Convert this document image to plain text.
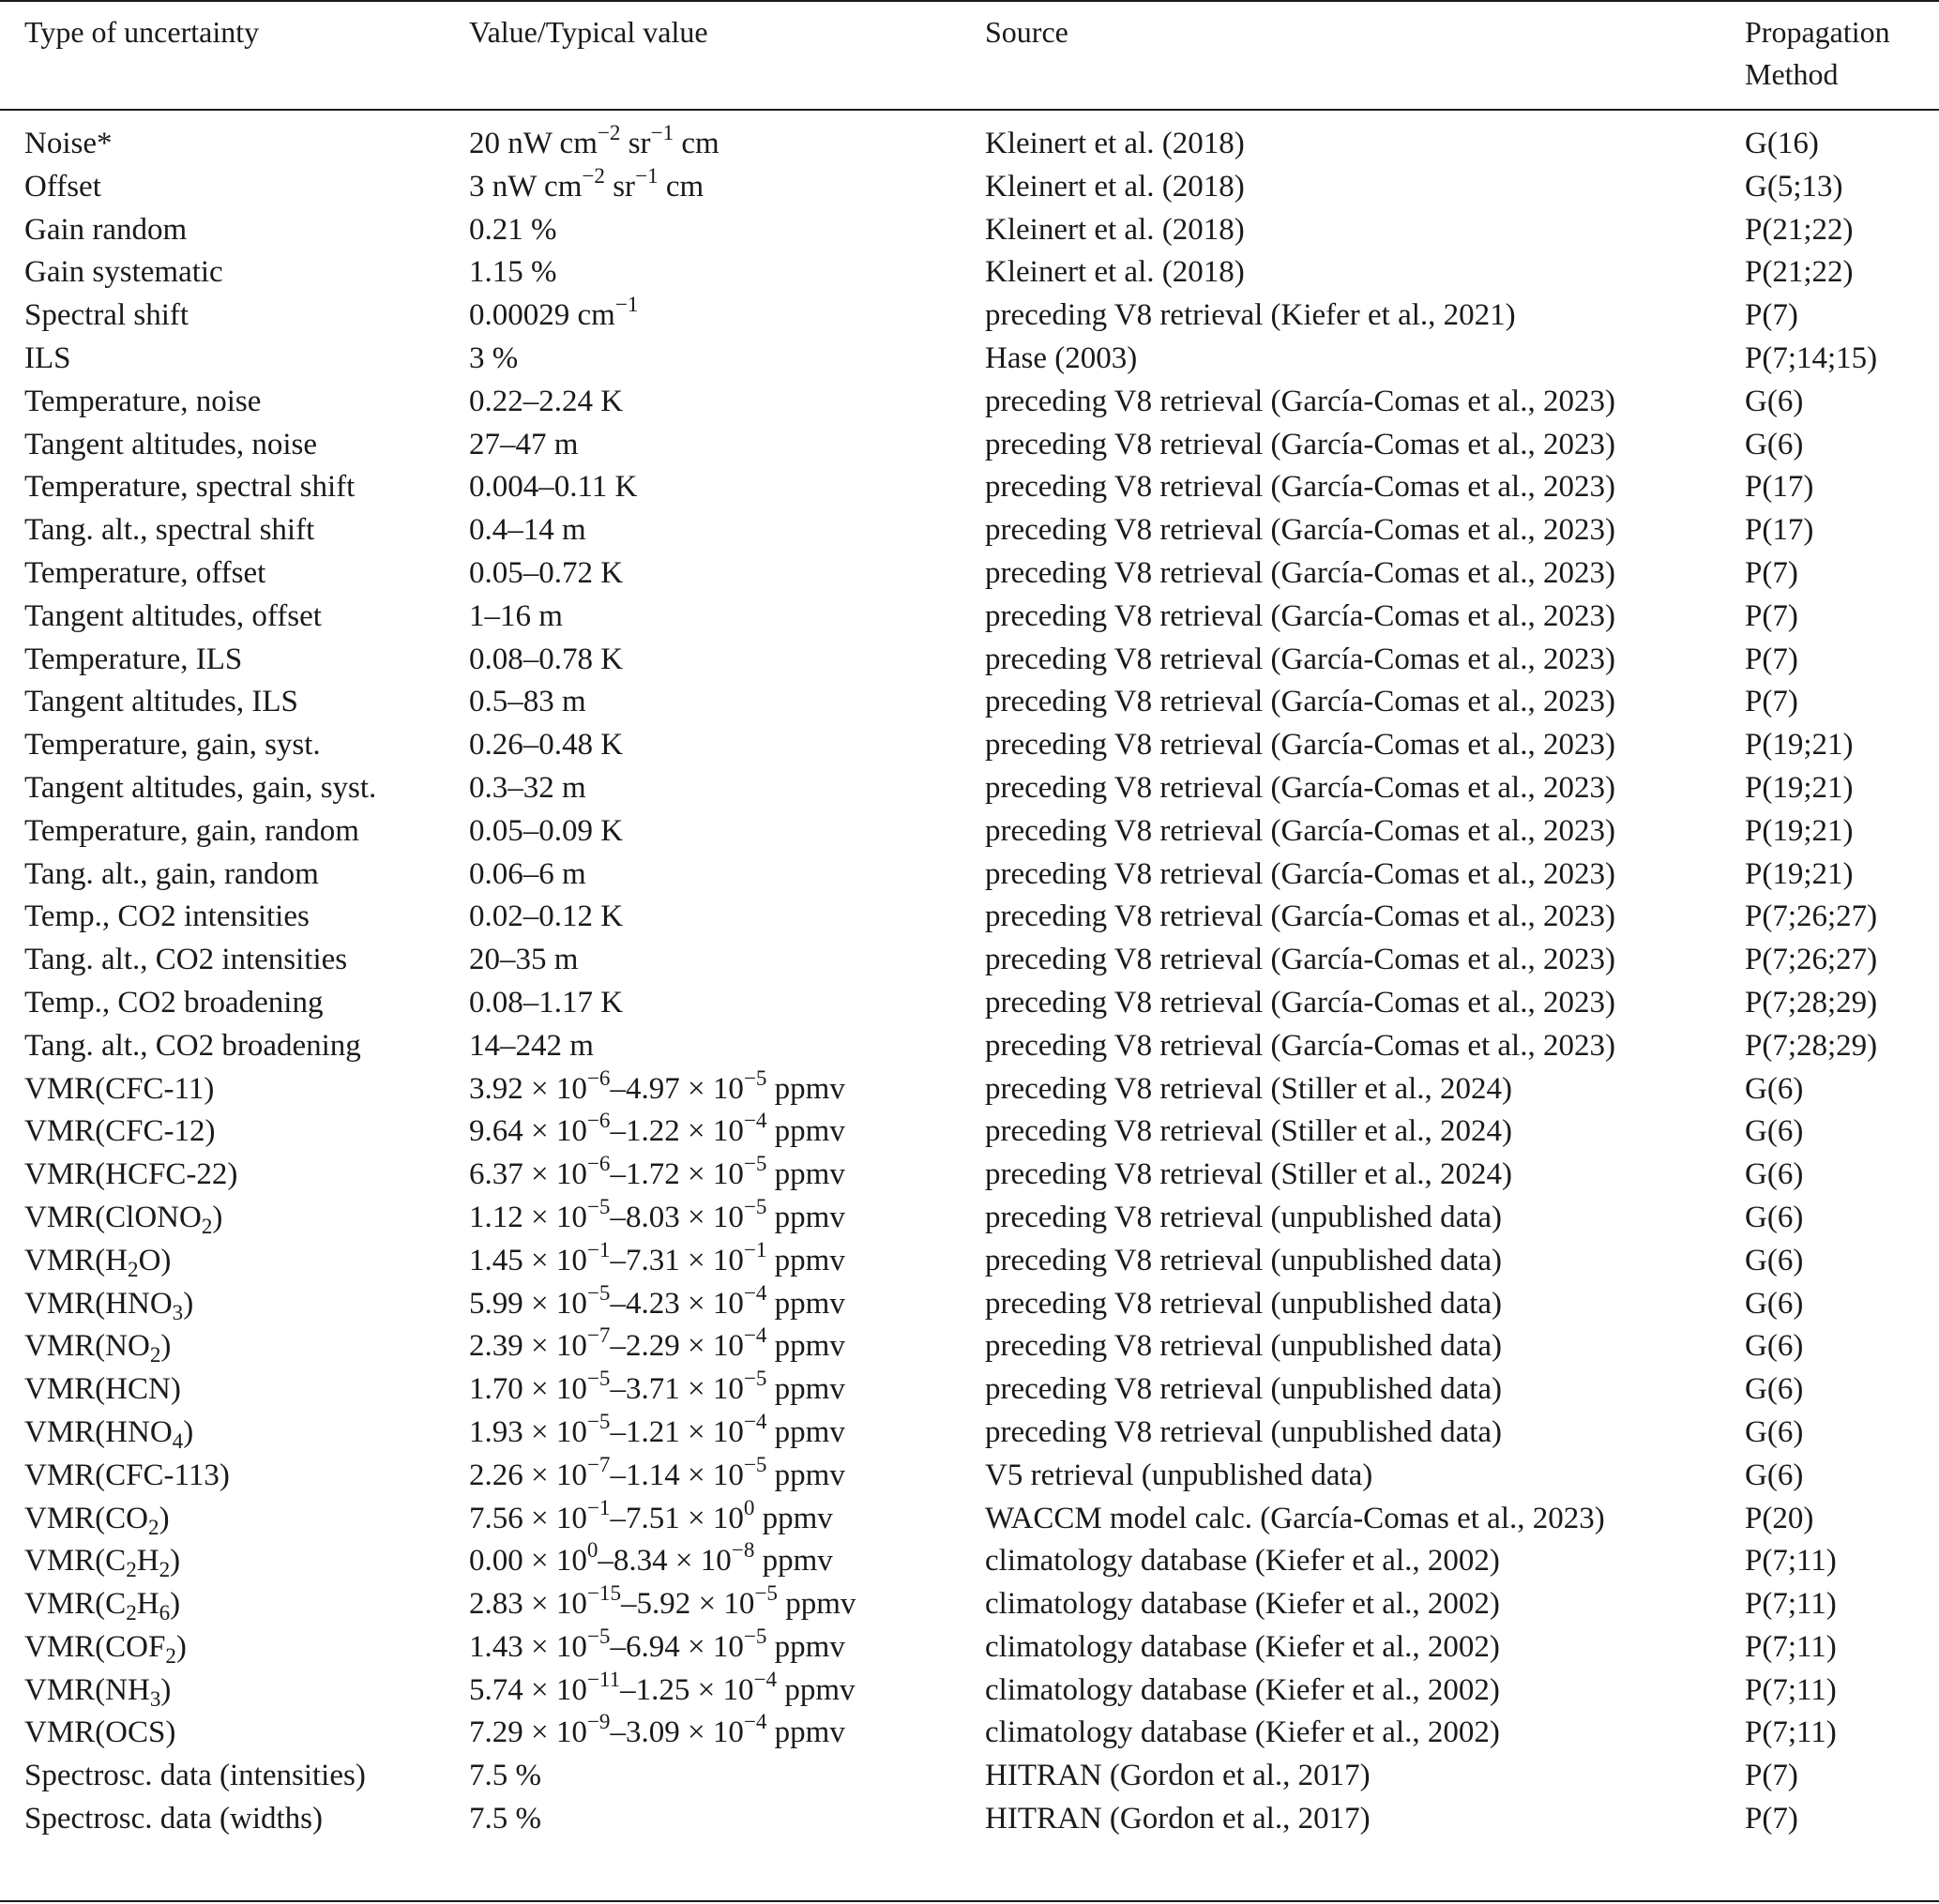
Type of uncertainty	Value/Typical value	Source	Propagation
Method
Noise*	20 nW $cm^{-2}$ $sr^{-1}$ cm	Kleinert et al. (2018)	G(16)
Offset	3 nW $cm^{-2}$ $sr^{-1}$ cm	Kleinert et al. (2018)	G(5;13)
Gain random	0.21 %	Kleinert et al. (2018)	P(21;22)
Gain systematic	1.15 %	Kleinert et al. (2018)	P(21;22)
Spectral shift	0.00029 $cm^{-1}$	preceding V8 retrieval (Kiefer et al., 2021)	P(7)
ILS	3 %	Hase (2003)	P(7;14;15)
Temperature, noise	0.22–2.24 K	preceding V8 retrieval (García-Comas et al., 2023)	G(6)
Tangent altitudes, noise	27–47 m	preceding V8 retrieval (García-Comas et al., 2023)	G(6)
Temperature, spectral shift	0.004–0.11 K	preceding V8 retrieval (García-Comas et al., 2023)	P(17)
Tang. alt., spectral shift	0.4–14 m	preceding V8 retrieval (García-Comas et al., 2023)	P(17)
Temperature, offset	0.05–0.72 K	preceding V8 retrieval (García-Comas et al., 2023)	P(7)
Tangent altitudes, offset	1–16 m	preceding V8 retrieval (García-Comas et al., 2023)	P(7)
Temperature, ILS	0.08–0.78 K	preceding V8 retrieval (García-Comas et al., 2023)	P(7)
Tangent altitudes, ILS	0.5–83 m	preceding V8 retrieval (García-Comas et al., 2023)	P(7)
Temperature, gain, syst.	0.26–0.48 K	preceding V8 retrieval (García-Comas et al., 2023)	P(19;21)
Tangent altitudes, gain, syst.	0.3–32 m	preceding V8 retrieval (García-Comas et al., 2023)	P(19;21)
Temperature, gain, random	0.05–0.09 K	preceding V8 retrieval (García-Comas et al., 2023)	P(19;21)
Tang. alt., gain, random	0.06–6 m	preceding V8 retrieval (García-Comas et al., 2023)	P(19;21)
Temp., CO2 intensities	0.02–0.12 K	preceding V8 retrieval (García-Comas et al., 2023)	P(7;26;27)
Tang. alt., CO2 intensities	20–35 m	preceding V8 retrieval (García-Comas et al., 2023)	P(7;26;27)
Temp., CO2 broadening	0.08–1.17 K	preceding V8 retrieval (García-Comas et al., 2023)	P(7;28;29)
Tang. alt., CO2 broadening	14–242 m	preceding V8 retrieval (García-Comas et al., 2023)	P(7;28;29)
VMR(CFC-11)	$3.92 \times 10^{-6}-4.97 \times 10^{-5}$ ppmv	preceding V8 retrieval (Stiller et al., 2024)	G(6)
VMR(CFC-12)	$9.64 \times 10^{-6}-1.22 \times 10^{-4}$ ppmv	preceding V8 retrieval (Stiller et al., 2024)	G(6)
VMR(HCFC-22)	$6.37 \times 10^{-6}-1.72 \times 10^{-5}$ ppmv	preceding V8 retrieval (Stiller et al., 2024)	G(6)
VMR(ClONO$_2$)	$1.12 \times 10^{-5}-8.03 \times 10^{-5}$ ppmv	preceding V8 retrieval (unpublished data)	G(6)
$VMR(H_2O)$	$1.45 \times 10^{-1}-7.31 \times 10^{-1}$ ppmv	preceding V8 retrieval (unpublished data)	G(6)
$VMR(HNO_3)$	$5.99 \times 10^{-5}-4.23 \times 10^{-4}$ ppmv	preceding V8 retrieval (unpublished data)	G(6)
$VMR(NO_2)$	$2.39 \times 10^{-7}-2.29 \times 10^{-4}$ ppmv	preceding V8 retrieval (unpublished data)	G(6)
VMR(HCN)	$1.70 \times 10^{-5}-3.71 \times 10^{-5}$ ppmv	preceding V8 retrieval (unpublished data)	G(6)
$VMR(HNO_4)$	$1.93 \times 10^{-5}-1.21 \times 10^{-4}$ ppmv	preceding V8 retrieval (unpublished data)	G(6)
VMR(CFC-113)	$2.26 \times 10^{-7}-1.14 \times 10^{-5}$ ppmv	V5 retrieval (unpublished data)	G(6)
$VMR(CO_2)$	$7.56 \times 10^{-1}-7.51 \times 10^0$ ppmv	WACCM model calc. (García-Comas et al., 2023)	P(20)
$VMR(C_2H_2)$	$0.00 \times 10^0-8.34 \times 10^{-8}$ ppmv	climatology database (Kiefer et al., 2002)	P(7;11)
$VMR(C_2H_6)$	$2.83 \times 10^{-15}-5.92 \times 10^{-5}$ ppmv	climatology database (Kiefer et al., 2002)	P(7;11)
$VMR(COF_2)$	$1.43 \times 10^{-5}-6.94 \times 10^{-5}$ ppmv	climatology database (Kiefer et al., 2002)	P(7;11)
$VMR(NH_3)$	$5.74 \times 10^{-11}-1.25 \times 10^{-4}$ ppmv	climatology database (Kiefer et al., 2002)	P(7;11)
VMR(OCS)	$7.29 \times 10^{-9}-3.09 \times 10^{-4}$ ppmv	climatology database (Kiefer et al., 2002)	P(7;11)
Spectrosc. data (intensities)	7.5 %	HITRAN (Gordon et al., 2017)	P(7)
Spectrosc. data (widths)	7.5 %	HITRAN (Gordon et al., 2017)	P(7)
